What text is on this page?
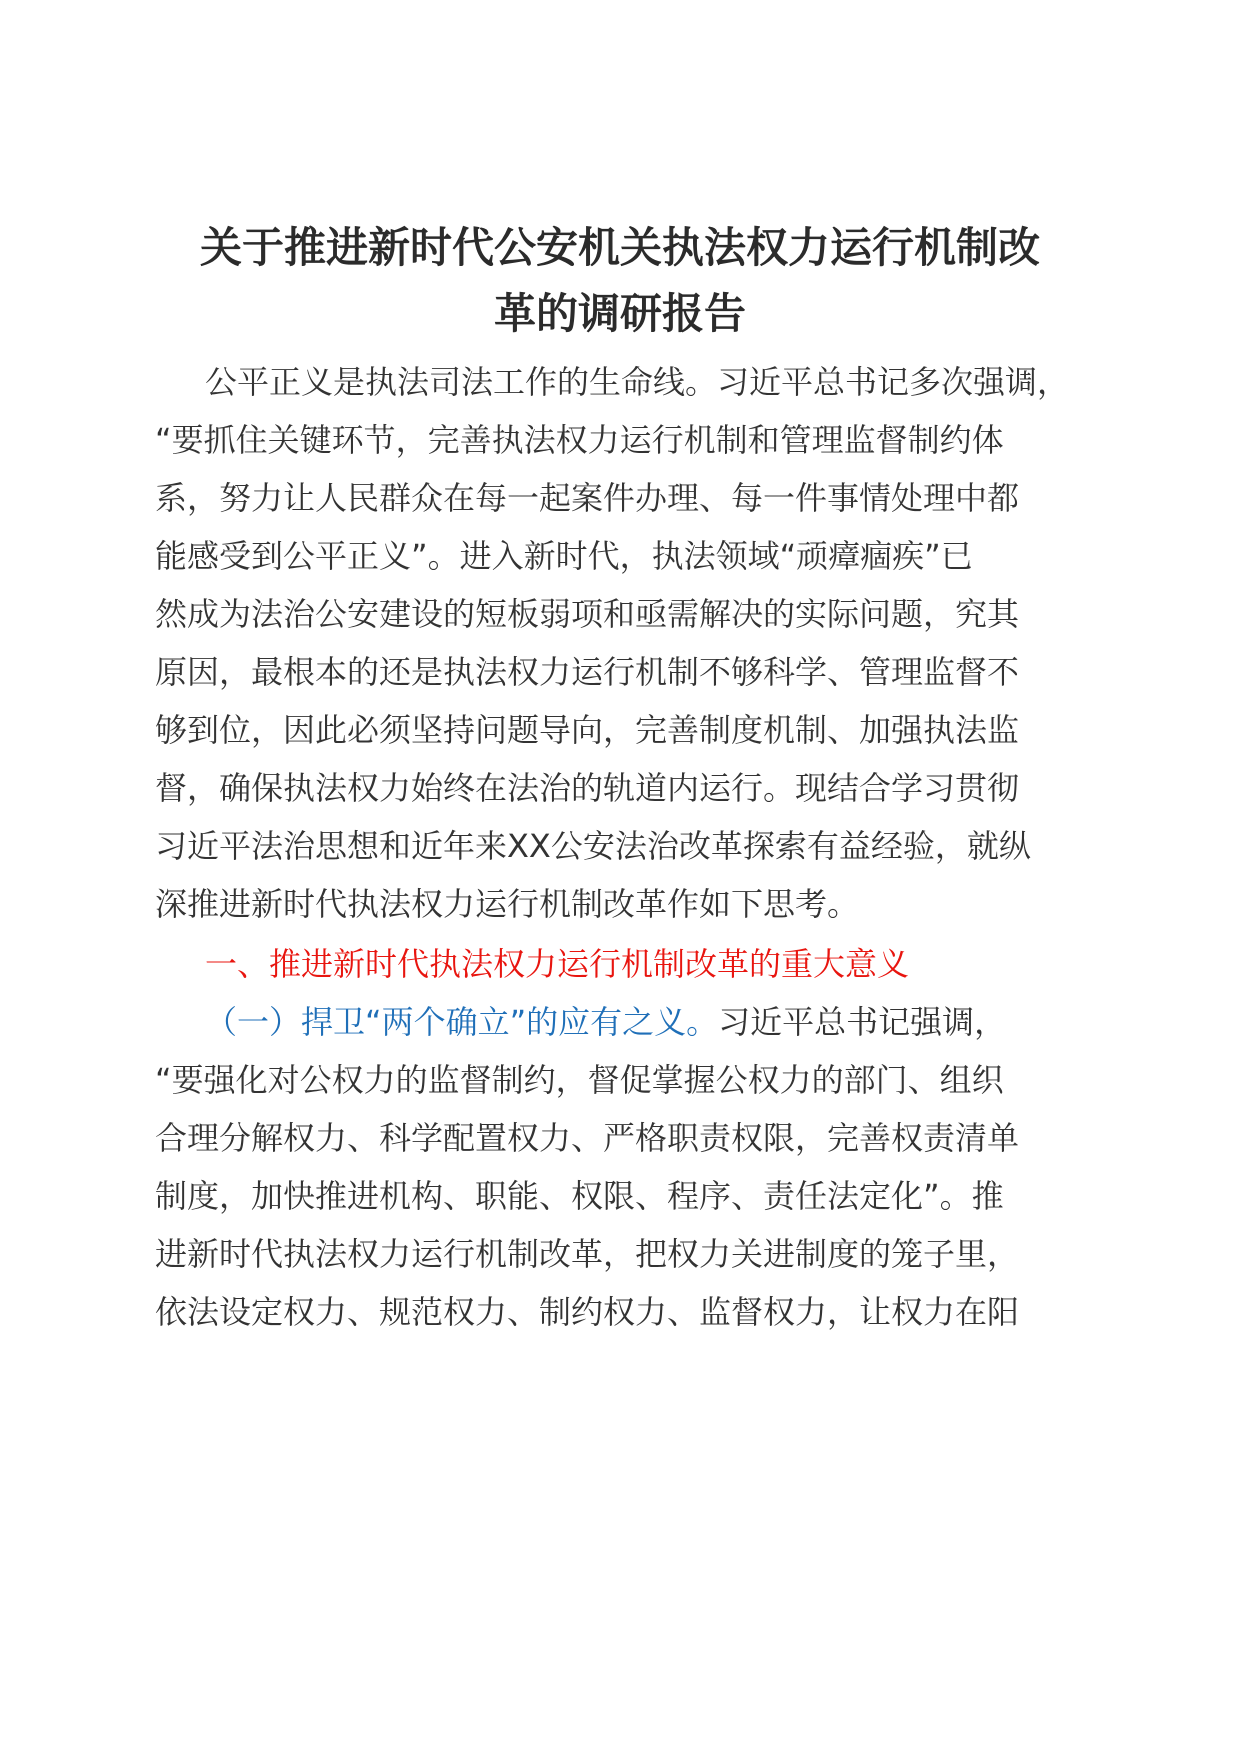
关于推进新时代公安机关执法权力运行机制改
革的调研报告
公平正义是执法司法工作的生命线。习近平总书记多次强调，
“要抓住关键环节，完善执法权力运行机制和管理监督制约体
系，努力让人民群众在每一起案件办理、每一件事情处理中都
能感受到公平正义”。进入新时代，执法领域“顽瘴痼疾”已
然成为法治公安建设的短板弱项和亟需解决的实际问题，究其
原因，最根本的还是执法权力运行机制不够科学、管理监督不
够到位，因此必须坚持问题导向，完善制度机制、加强执法监
督，确保执法权力始终在法治的轨道内运行。现结合学习贯彻
习近平法治思想和近年来XX公安法治改革探索有益经验，就纵
深推进新时代执法权力运行机制改革作如下思考。
一、推进新时代执法权力运行机制改革的重大意义
（一）捍卫“两个确立”的应有之义。习近平总书记强调，
“要强化对公权力的监督制约，督促掌握公权力的部门、组织
合理分解权力、科学配置权力、严格职责权限，完善权责清单
制度，加快推进机构、职能、权限、程序、责任法定化”。推
进新时代执法权力运行机制改革，把权力关进制度的笼子里，
依法设定权力、规范权力、制约权力、监督权力，让权力在阳
